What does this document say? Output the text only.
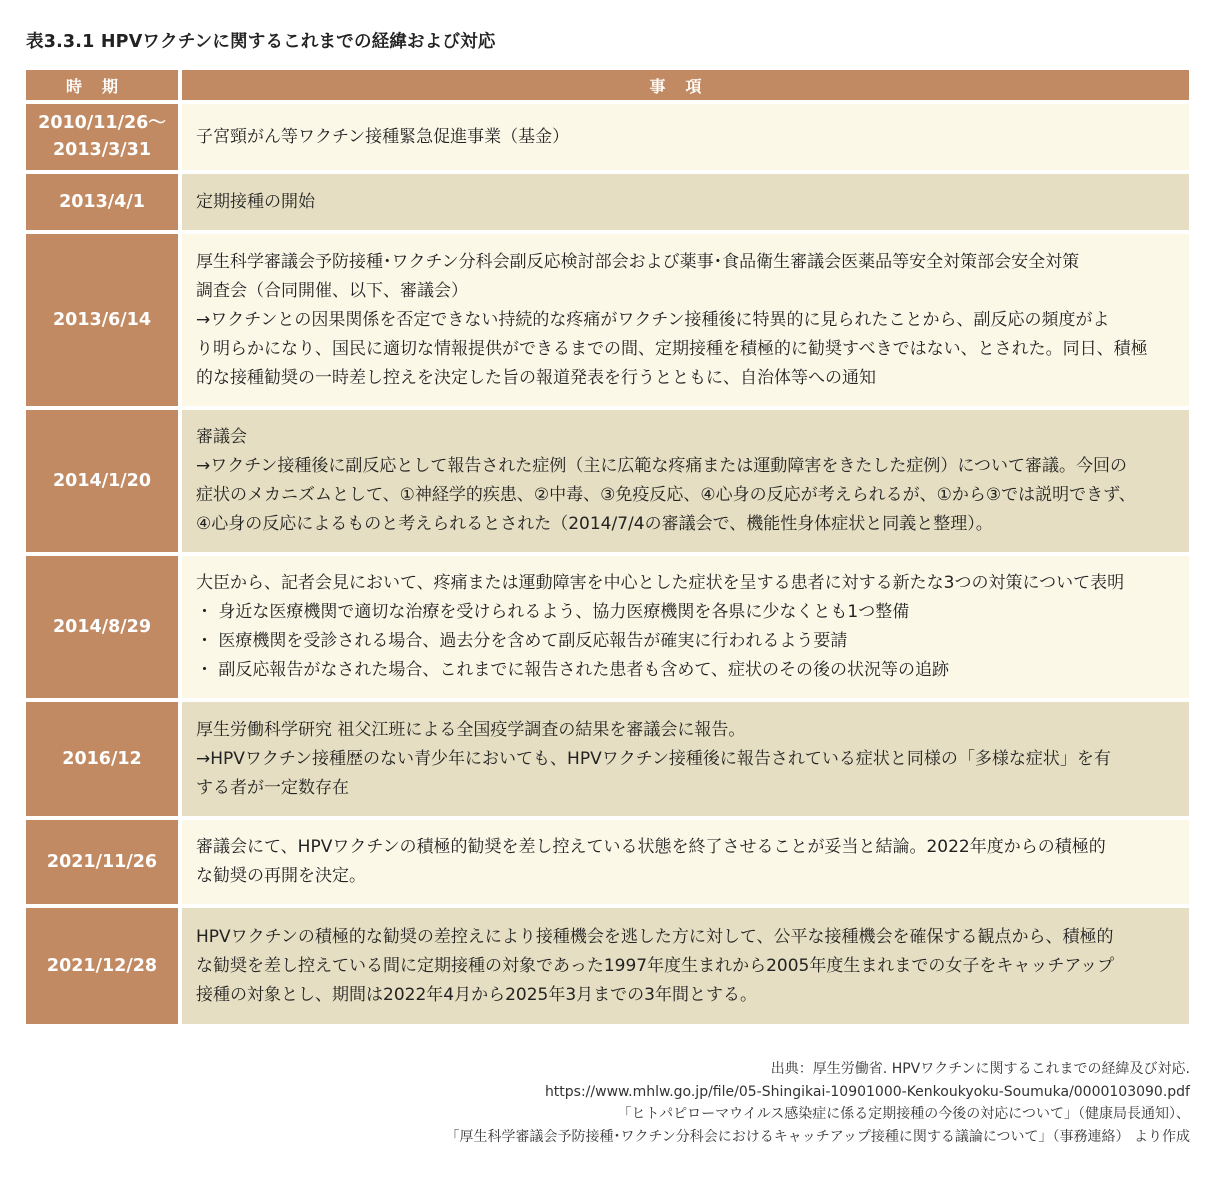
表3.3.1 HPVワクチンに関するこれまでの経緯および対応
時期	事項

2010/11/26〜
2013/3/31	子宮頸がん等ワクチン接種緊急促進事業（基金）

2013/4/1	定期接種の開始

2013/6/14	厚生科学審議会予防接種･ワクチン分科会副反応検討部会および薬事･食品衛生審議会医薬品等安全対策部会安全対策
調査会（合同開催、以下、審議会）
→ワクチンとの因果関係を否定できない持続的な疼痛がワクチン接種後に特異的に見られたことから、副反応の頻度がよ
り明らかになり、国民に適切な情報提供ができるまでの間、定期接種を積極的に勧奨すべきではない、とされた。同日、積極
的な接種勧奨の一時差し控えを決定した旨の報道発表を行うとともに、自治体等への通知

2014/1/20	審議会
→ワクチン接種後に副反応として報告された症例（主に広範な疼痛または運動障害をきたした症例）について審議。今回の
症状のメカニズムとして、①神経学的疾患、②中毒、③免疫反応、④心身の反応が考えられるが、①から③では説明できず、
④心身の反応によるものと考えられるとされた（2014/7/4の審議会で、機能性身体症状と同義と整理）。

2014/8/29	大臣から、記者会見において、疼痛または運動障害を中心とした症状を呈する患者に対する新たな3つの対策について表明
・ 身近な医療機関で適切な治療を受けられるよう、協力医療機関を各県に少なくとも1つ整備
・ 医療機関を受診される場合、過去分を含めて副反応報告が確実に行われるよう要請
・ 副反応報告がなされた場合、これまでに報告された患者も含めて、症状のその後の状況等の追跡

2016/12	厚生労働科学研究 祖父江班による全国疫学調査の結果を審議会に報告。
→HPVワクチン接種歴のない青少年においても、HPVワクチン接種後に報告されている症状と同様の「多様な症状」を有
する者が一定数存在

2021/11/26	審議会にて、HPVワクチンの積極的勧奨を差し控えている状態を終了させることが妥当と結論。2022年度からの積極的
な勧奨の再開を決定。

2021/12/28	HPVワクチンの積極的な勧奨の差控えにより接種機会を逃した方に対して、公平な接種機会を確保する観点から、積極的
な勧奨を差し控えている間に定期接種の対象であった1997年度生まれから2005年度生まれまでの女子をキャッチアップ
接種の対象とし、期間は2022年4月から2025年3月までの3年間とする。
出典：厚生労働省. HPVワクチンに関するこれまでの経緯及び対応.
https://www.mhlw.go.jp/file/05-Shingikai-10901000-Kenkoukyoku-Soumuka/0000103090.pdf
「ヒトパピローマウイルス感染症に係る定期接種の今後の対応について」（健康局長通知）、
「厚生科学審議会予防接種･ワクチン分科会におけるキャッチアップ接種に関する議論について」（事務連絡） より作成
